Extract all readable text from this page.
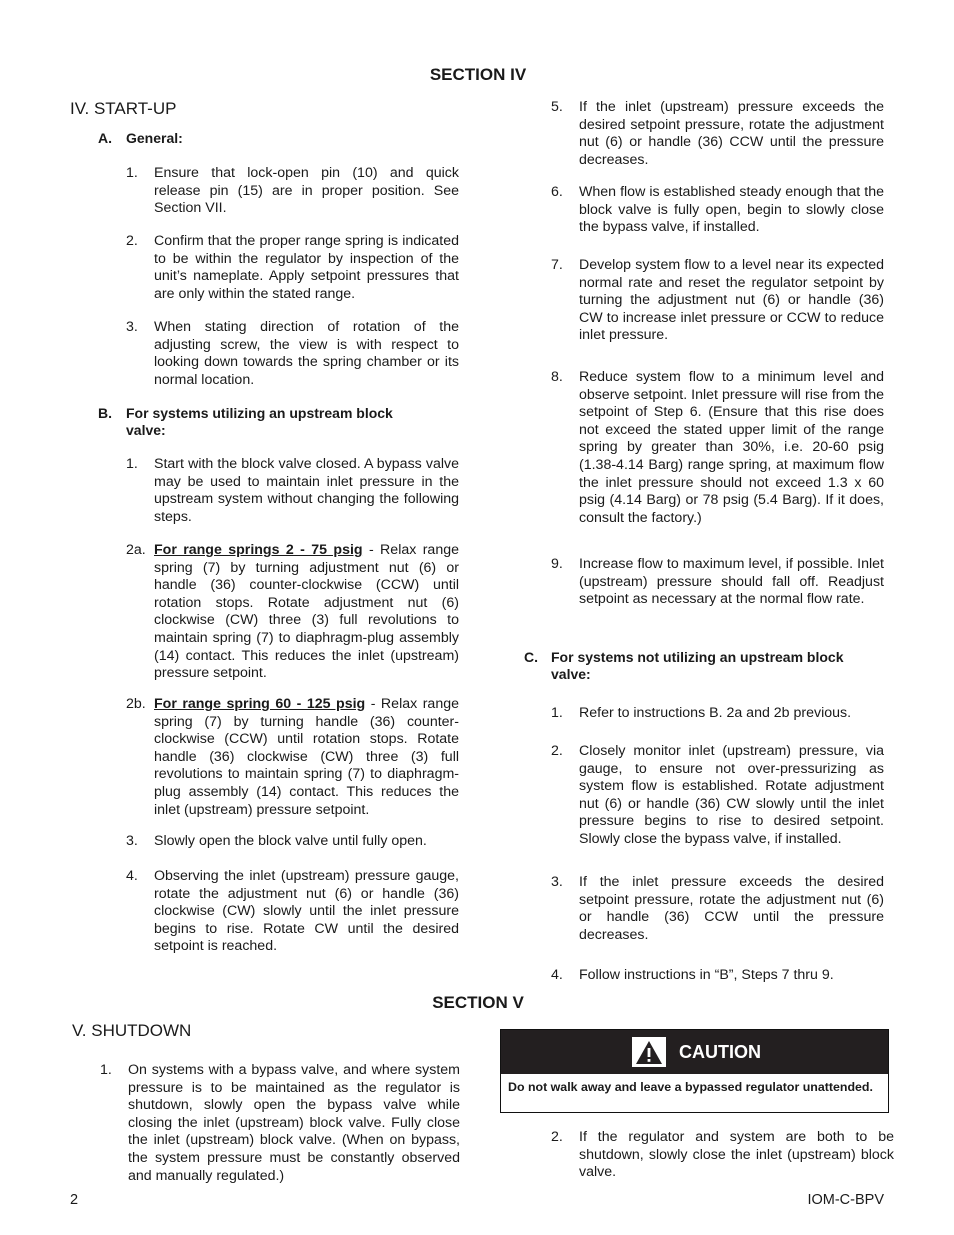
SECTION IV
IV. START-UP
A. General:
1. Ensure that lock-open pin (10) and quick release pin (15) are in proper position. See Section VII.
2. Confirm that the proper range spring is indicated to be within the regulator by inspection of the unit’s nameplate. Apply setpoint pressures that are only within the stated range.
3. When stating direction of rotation of the adjusting screw, the view is with respect to looking down towards the spring chamber or its normal location.
B. For systems utilizing an upstream block valve:
1. Start with the block valve closed. A bypass valve may be used to maintain inlet pressure in the upstream system without changing the following steps.
2a. For range springs 2 - 75 psig - Relax range spring (7) by turning adjustment nut (6) or handle (36) counter-clockwise (CCW) until rotation stops. Rotate adjustment nut (6) clockwise (CW) three (3) full revolutions to maintain spring (7) to diaphragm-plug assembly (14) contact. This reduces the inlet (upstream) pressure setpoint.
2b. For range spring 60 - 125 psig - Relax range spring (7) by turning handle (36) counter-clockwise (CCW) until rotation stops. Rotate handle (36) clockwise (CW) three (3) full revolutions to maintain spring (7) to diaphragm-plug assembly (14) contact. This reduces the inlet (upstream) pressure setpoint.
3. Slowly open the block valve until fully open.
4. Observing the inlet (upstream) pressure gauge, rotate the adjustment nut (6) or handle (36) clockwise (CW) slowly until the inlet pressure begins to rise. Rotate CW until the desired setpoint is reached.
5. If the inlet (upstream) pressure exceeds the desired setpoint pressure, rotate the adjustment nut (6) or handle (36) CCW until the pressure decreases.
6. When flow is established steady enough that the block valve is fully open, begin to slowly close the bypass valve, if installed.
7. Develop system flow to a level near its expected normal rate and reset the regulator setpoint by turning the adjustment nut (6) or handle (36) CW to increase inlet pressure or CCW to reduce inlet pressure.
8. Reduce system flow to a minimum level and observe setpoint. Inlet pressure will rise from the setpoint of Step 6. (Ensure that this rise does not exceed the stated upper limit of the range spring by greater than 30%, i.e. 20-60 psig (1.38-4.14 Barg) range spring, at maximum flow the inlet pressure should not exceed 1.3 x 60 psig (4.14 Barg) or 78 psig (5.4 Barg). If it does, consult the factory.)
9. Increase flow to maximum level, if possible. Inlet (upstream) pressure should fall off. Readjust setpoint as necessary at the normal flow rate.
C. For systems not utilizing an upstream block valve:
1. Refer to instructions B. 2a and 2b previous.
2. Closely monitor inlet (upstream) pressure, via gauge, to ensure not over-pressurizing as system flow is established. Rotate adjustment nut (6) or handle (36) CW slowly until the inlet pressure begins to rise to desired setpoint. Slowly close the bypass valve, if installed.
3. If the inlet pressure exceeds the desired setpoint pressure, rotate the adjustment nut (6) or handle (36) CCW until the pressure decreases.
4. Follow instructions in “B”, Steps 7 thru 9.
SECTION V
V. SHUTDOWN
1. On systems with a bypass valve, and where system pressure is to be maintained as the regulator is shutdown, slowly open the bypass valve while closing the inlet (upstream) block valve. Fully close the inlet (upstream) block valve. (When on bypass, the system pressure must be constantly observed and manually regulated.)
CAUTION
Do not walk away and leave a bypassed regulator unattended.
2. If the regulator and system are both to be shutdown, slowly close the inlet (upstream) block valve.
2	IOM-C-BPV
